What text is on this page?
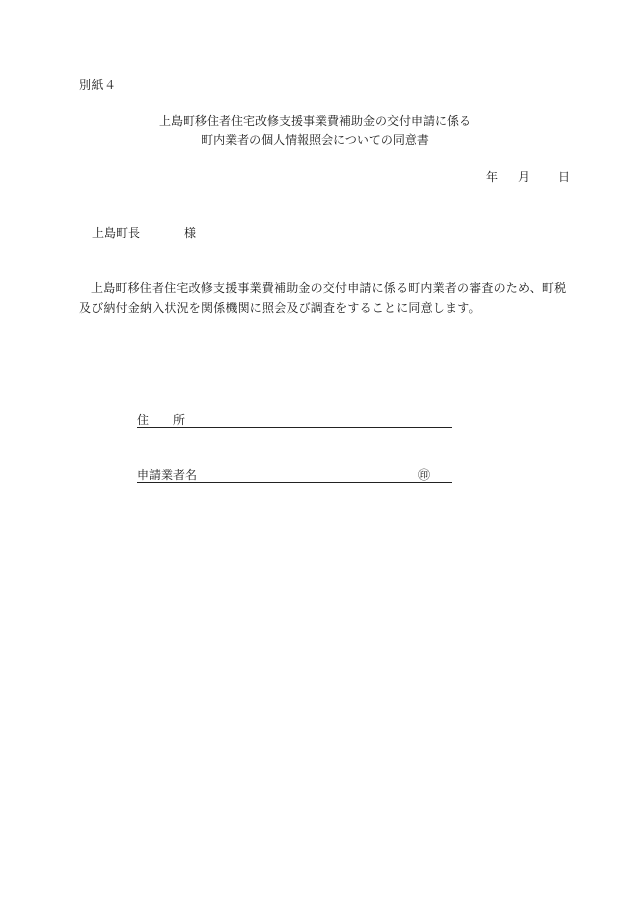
別紙４
上島町移住者住宅改修支援事業費補助金の交付申請に係る
町内業者の個人情報照会についての同意書
年	月	日
上島町長	様
上島町移住者住宅改修支援事業費補助金の交付申請に係る町内業者の審査のため、町税及び納付金納入状況を関係機関に照会及び調査をすることに同意します。
住 所
申請業者名	㊞
